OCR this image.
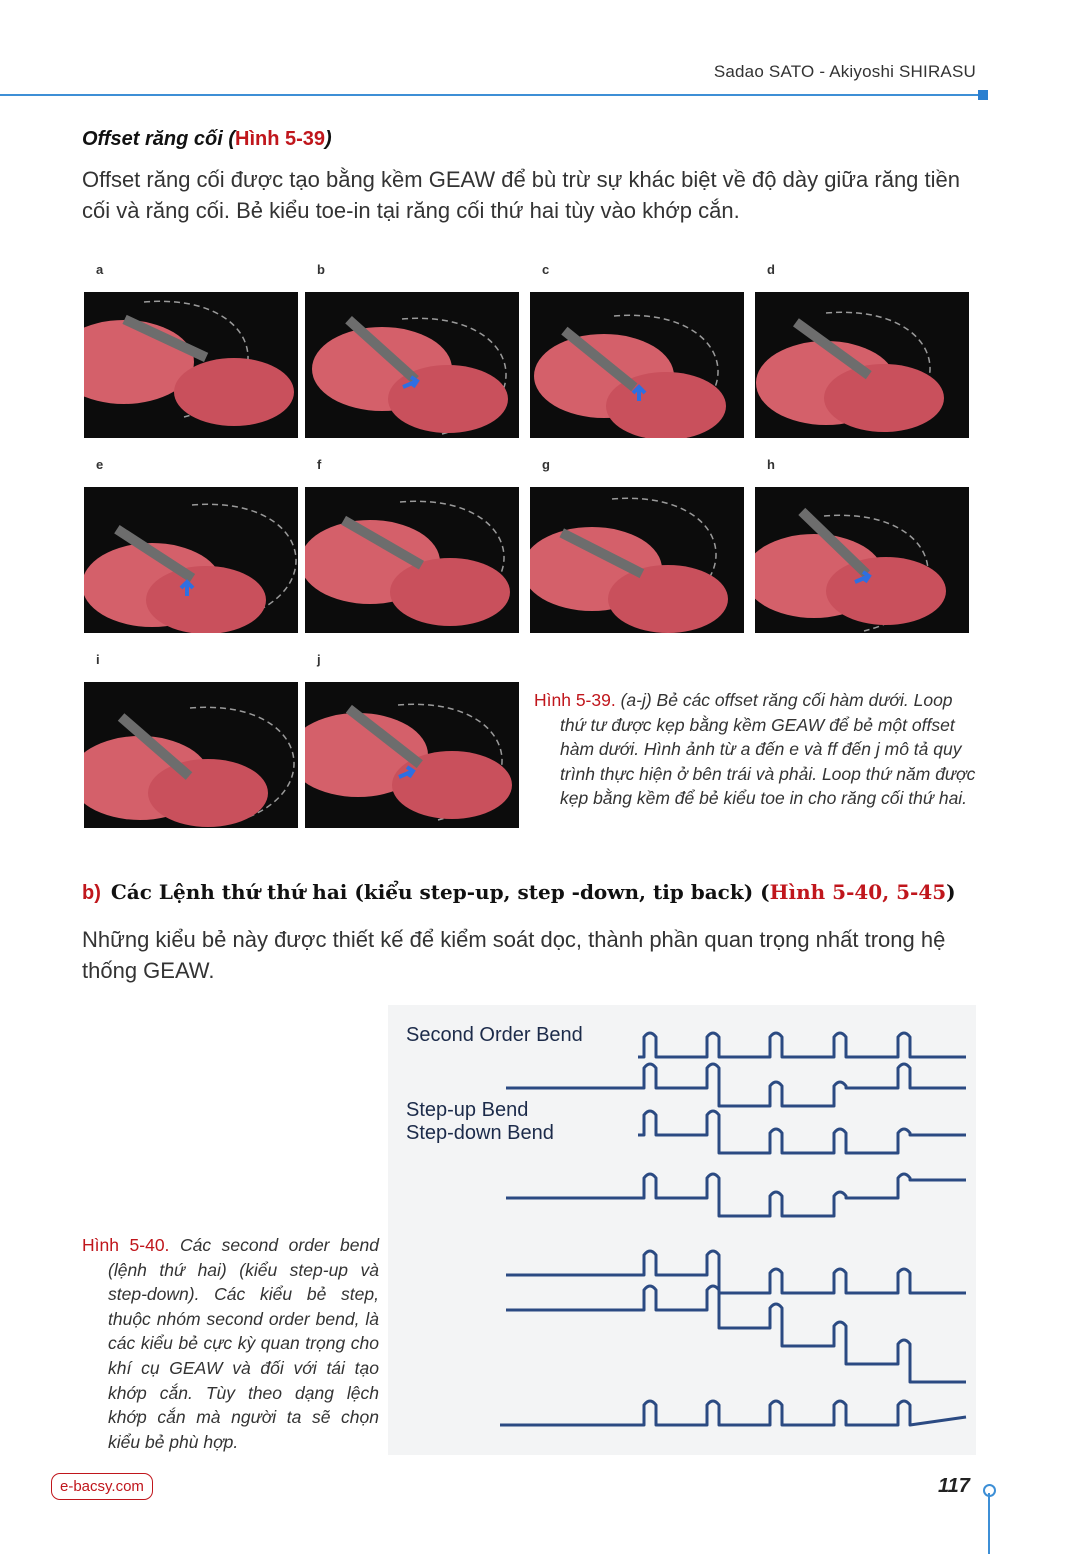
Sadao SATO - Akiyoshi SHIRASU
Offset răng cối (Hình 5-39)
Offset răng cối được tạo bằng kềm GEAW để bù trừ sự khác biệt về độ dày giữa răng tiền cối và răng cối. Bẻ kiểu toe-in tại răng cối thứ hai tùy vào khớp cắn.
a	b	c	d
e	f	g	h
i	j
Hình 5-39. (a-j) Bẻ các offset răng cối hàm dưới. Loop thứ tư được kẹp bằng kềm GEAW để bẻ một offset hàm dưới. Hình ảnh từ a đến e và ff đến j mô tả quy trình thực hiện ở bên trái và phải. Loop thứ năm được kẹp bằng kềm để bẻ kiểu toe in cho răng cối thứ hai.
b) Các Lệnh thứ thứ hai (kiểu step-up, step -down, tip back) (Hình 5-40, 5-45)
Những kiểu bẻ này được thiết kế để kiểm soát dọc, thành phần quan trọng nhất trong hệ thống GEAW.
Second Order Bend
Step-up Bend
Step-down Bend
Hình 5-40. Các second order bend (lệnh thứ hai) (kiểu step-up và step-down). Các kiểu bẻ step, thuộc nhóm second order bend, là các kiểu bẻ cực kỳ quan trọng cho khí cụ GEAW và đối với tái tạo khớp cắn. Tùy theo dạng lệch khớp cắn mà người ta sẽ chọn kiểu bẻ phù hợp.
e-bacsy.com	117
